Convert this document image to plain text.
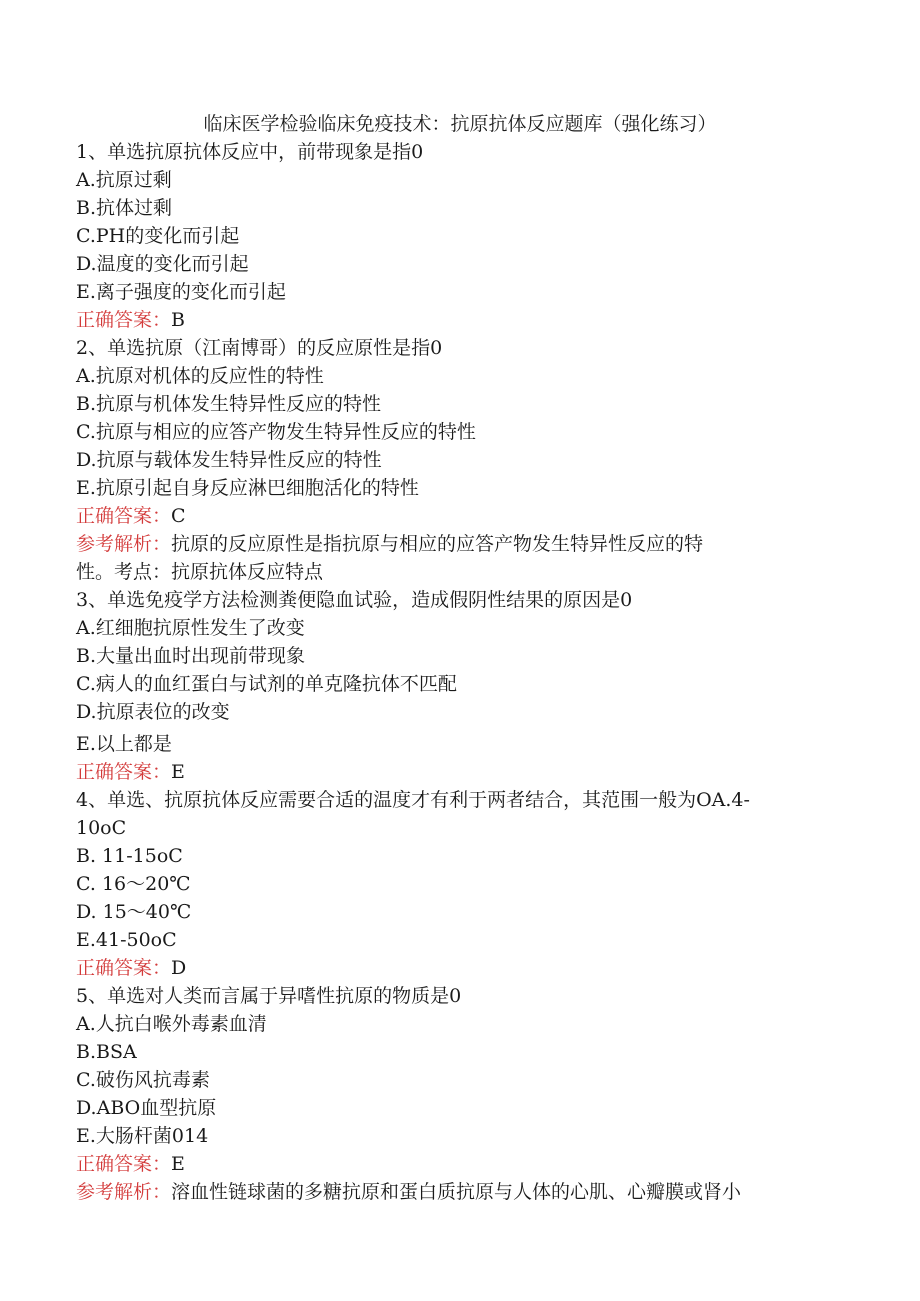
临床医学检验临床免疫技术：抗原抗体反应题库（强化练习）
1、单选抗原抗体反应中，前带现象是指0
A.抗原过剩
B.抗体过剩
C.PH的变化而引起
D.温度的变化而引起
E.离子强度的变化而引起
正确答案：B
2、单选抗原（江南博哥）的反应原性是指0
A.抗原对机体的反应性的特性
B.抗原与机体发生特异性反应的特性
C.抗原与相应的应答产物发生特异性反应的特性
D.抗原与载体发生特异性反应的特性
E.抗原引起自身反应淋巴细胞活化的特性
正确答案：C
参考解析：抗原的反应原性是指抗原与相应的应答产物发生特异性反应的特
性。考点：抗原抗体反应特点
3、单选免疫学方法检测粪便隐血试验，造成假阴性结果的原因是0
A.红细胞抗原性发生了改变
B.大量出血时出现前带现象
C.病人的血红蛋白与试剂的单克隆抗体不匹配
D.抗原表位的改变
E.以上都是
正确答案：E
4、单选、抗原抗体反应需要合适的温度才有利于两者结合，其范围一般为OA.4-
10oC
B. 11-15oC
C. 16～20℃
D. 15～40℃
E.41-50oC
正确答案：D
5、单选对人类而言属于异嗜性抗原的物质是0
A.人抗白喉外毒素血清
B.BSA
C.破伤风抗毒素
D.ABO血型抗原
E.大肠杆菌014
正确答案：E
参考解析：溶血性链球菌的多糖抗原和蛋白质抗原与人体的心肌、心瓣膜或肾小
